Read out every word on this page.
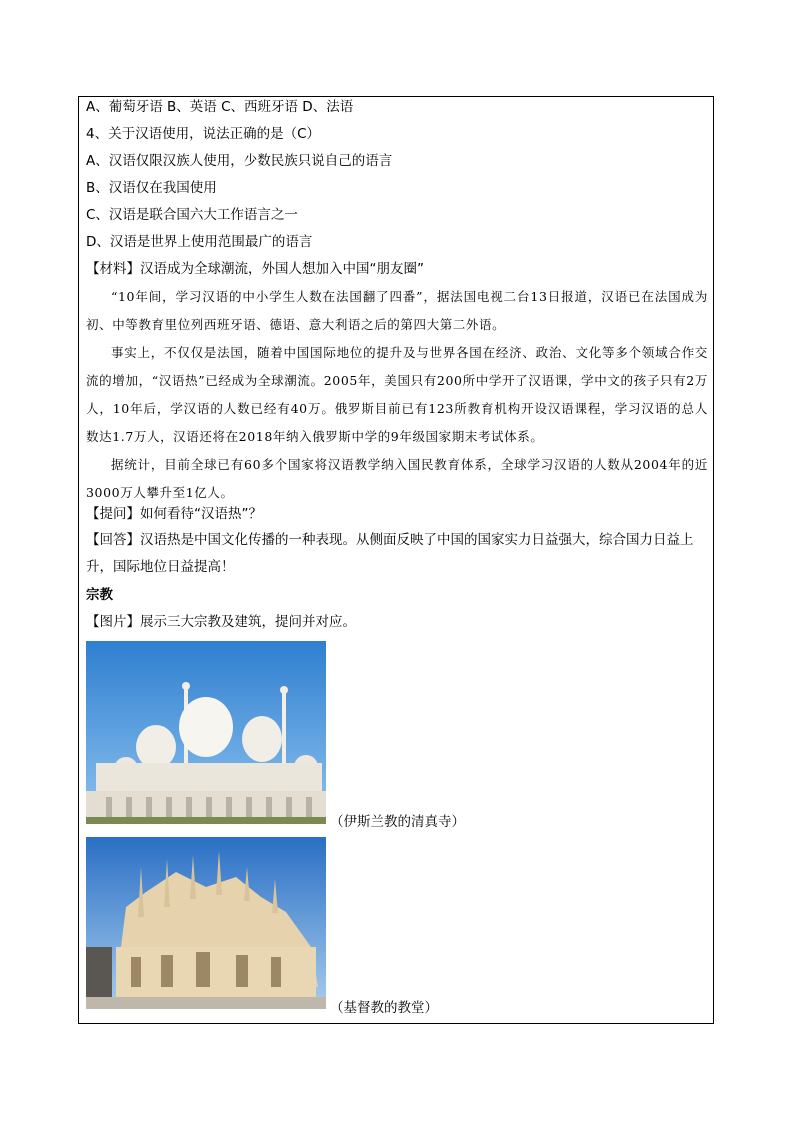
A、葡萄牙语 B、英语 C、西班牙语 D、法语
4、关于汉语使用，说法正确的是（C）
A、汉语仅限汉族人使用，少数民族只说自己的语言
B、汉语仅在我国使用
C、汉语是联合国六大工作语言之一
D、汉语是世界上使用范围最广的语言
【材料】汉语成为全球潮流，外国人想加入中国“朋友圈”

“10年间，学习汉语的中小学生人数在法国翻了四番”，据法国电视二台13日报道，汉语已在法国成为初、中等教育里位列西班牙语、德语、意大利语之后的第四大第二外语。

事实上，不仅仅是法国，随着中国国际地位的提升及与世界各国在经济、政治、文化等多个领域合作交流的增加，“汉语热”已经成为全球潮流。2005年，美国只有200所中学开了汉语课，学中文的孩子只有2万人，10年后，学汉语的人数已经有40万。俄罗斯目前已有123所教育机构开设汉语课程，学习汉语的总人数达1.7万人，汉语还将在2018年纳入俄罗斯中学的9年级国家期末考试体系。

据统计，目前全球已有60多个国家将汉语教学纳入国民教育体系，全球学习汉语的人数从2004年的近3000万人攀升至1亿人。

【提问】如何看待“汉语热”？
【回答】汉语热是中国文化传播的一种表现。从侧面反映了中国的国家实力日益强大，综合国力日益上升，国际地位日益提高！
宗教
【图片】展示三大宗教及建筑，提问并对应。
（伊斯兰教的清真寺）
（基督教的教堂）
